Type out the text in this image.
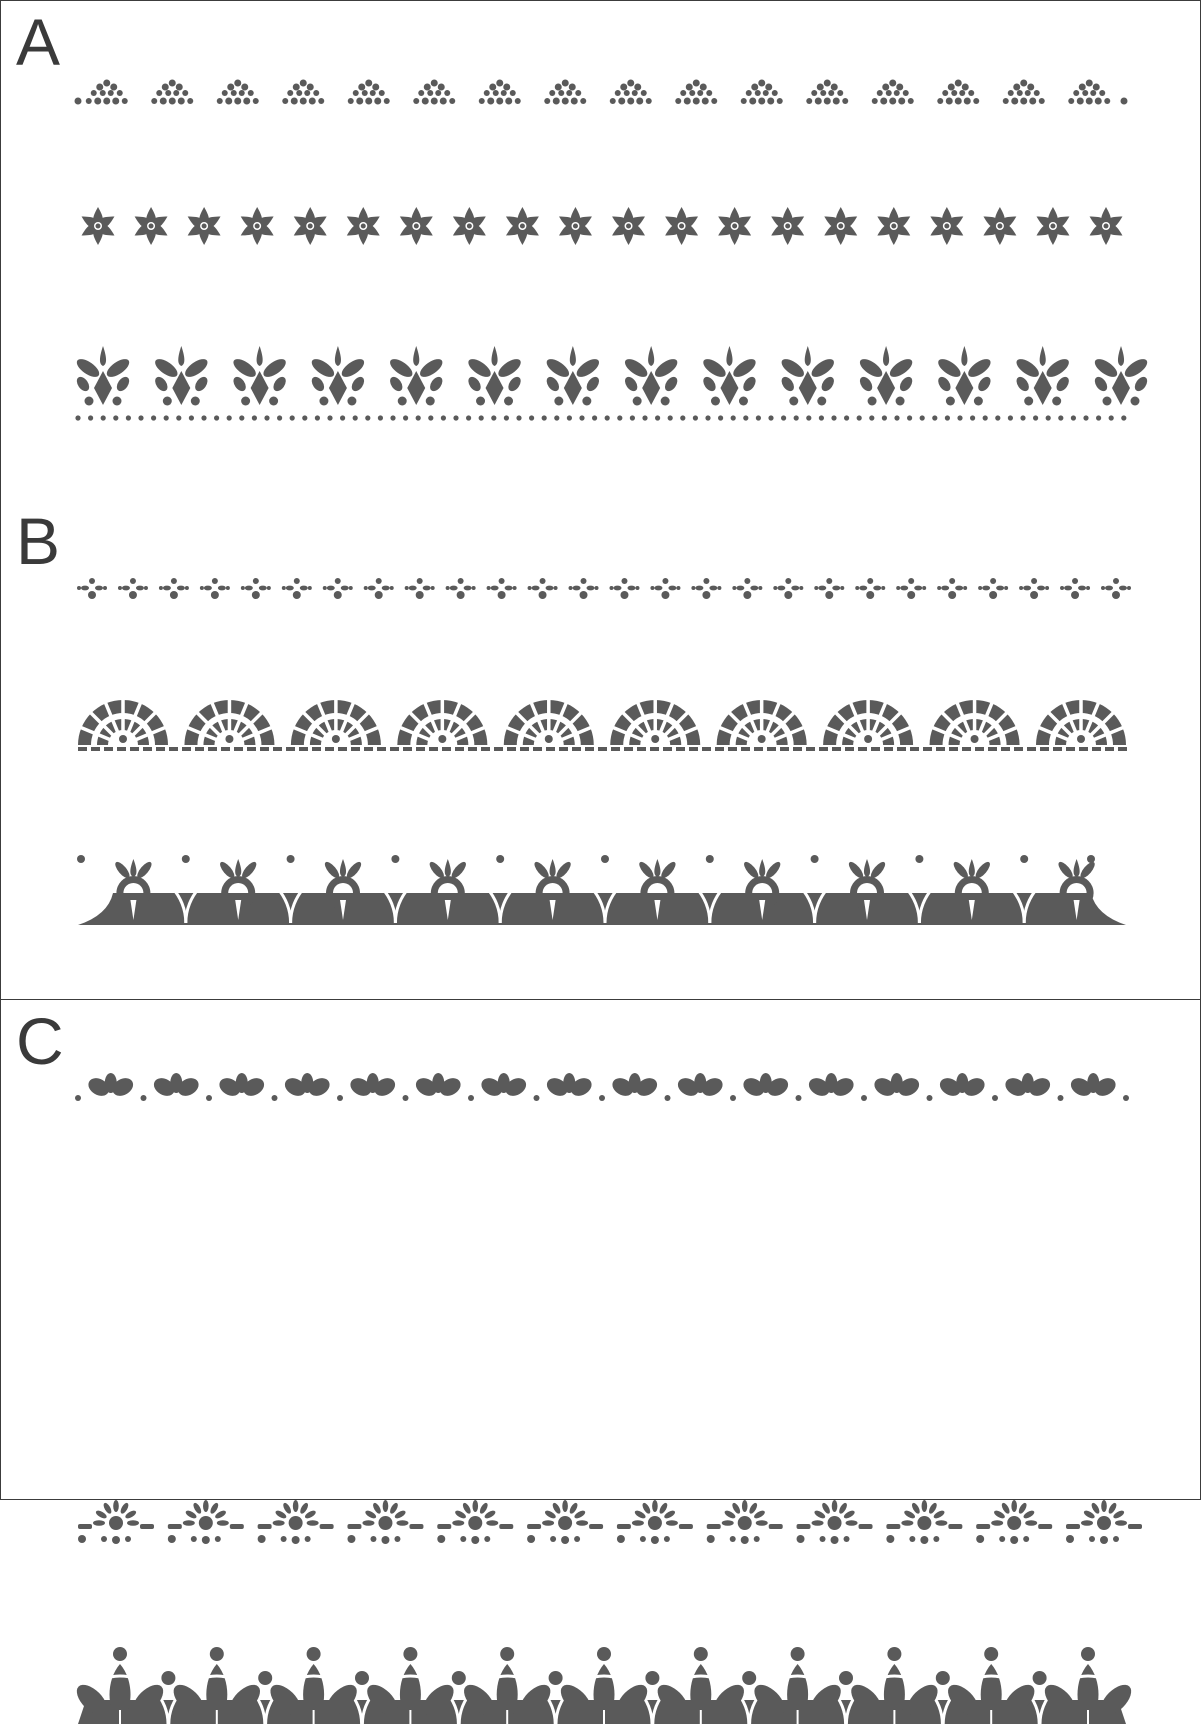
A
B
C
